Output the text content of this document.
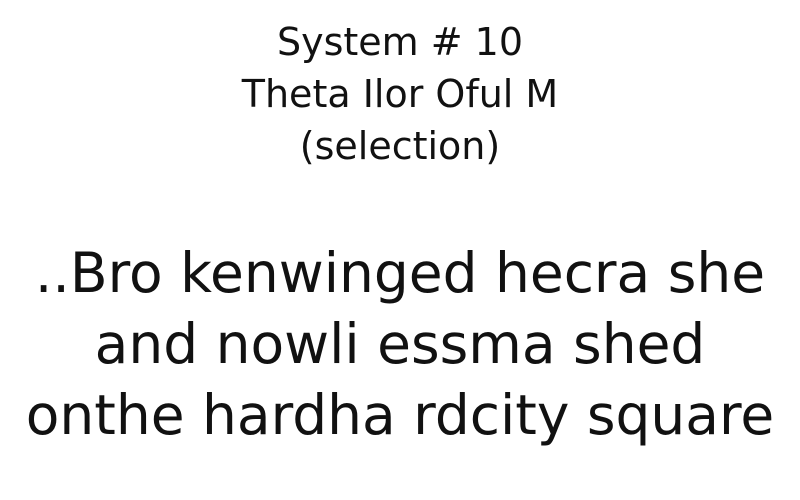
System # 10
Theta Ilor Oful M
(selection)
..Bro kenwinged hecra she
and nowli essma shed
onthe hardha rdcity square
